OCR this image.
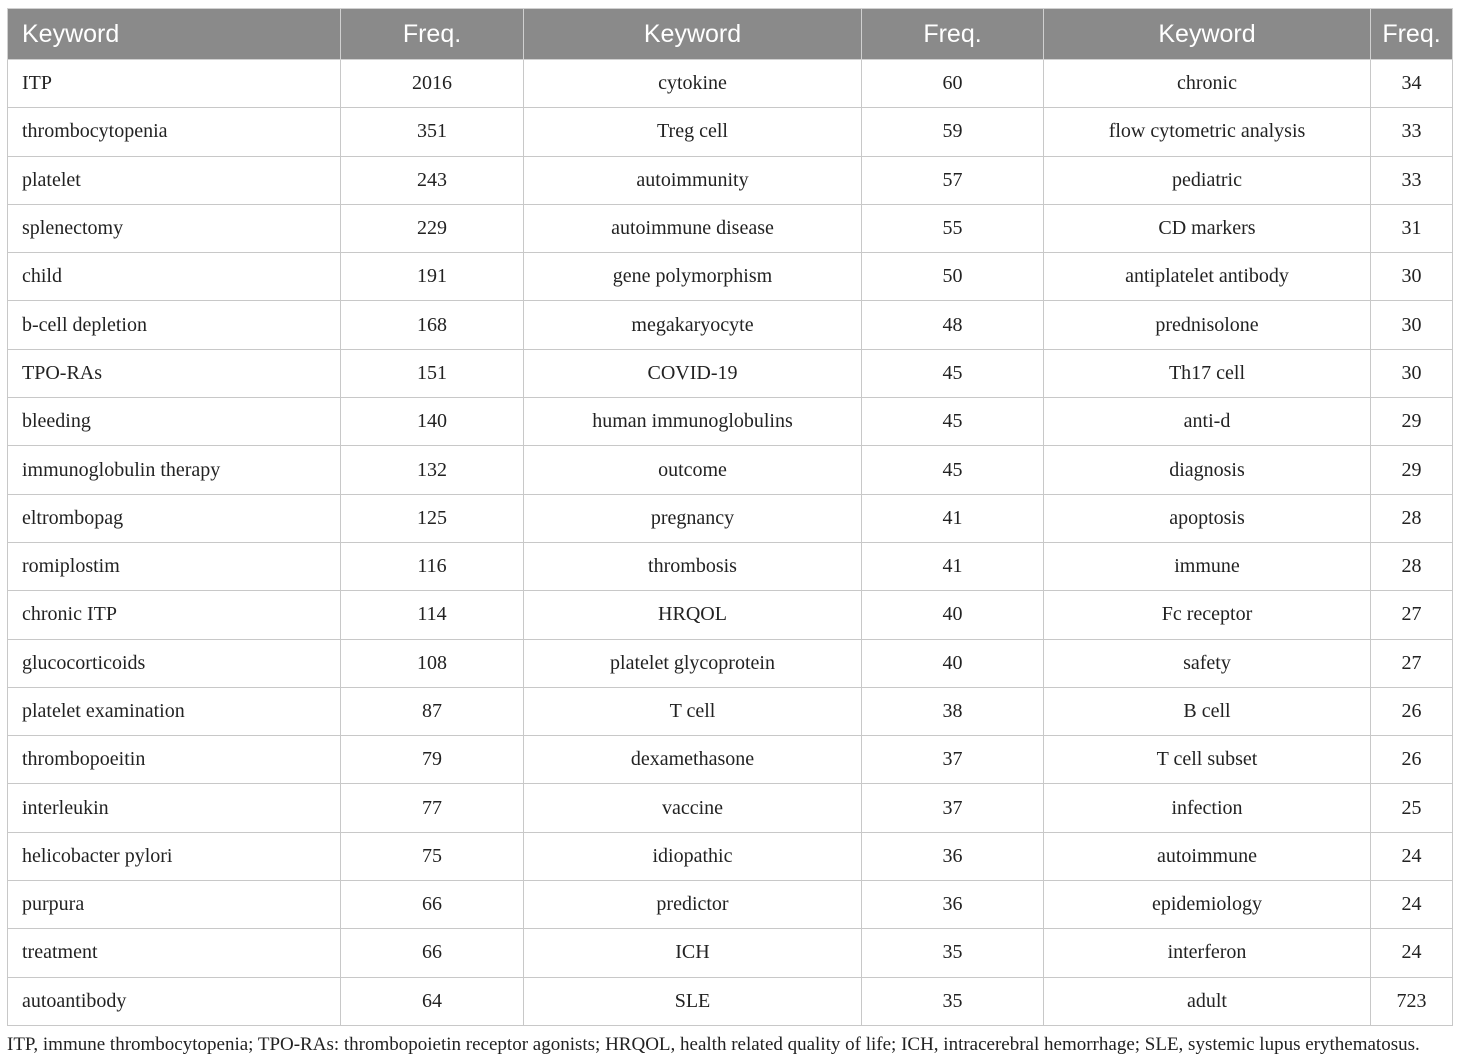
Keyword	Freq.	Keyword	Freq.	Keyword	Freq.
ITP	2016	cytokine	60	chronic	34
thrombocytopenia	351	Treg cell	59	flow cytometric analysis	33
platelet	243	autoimmunity	57	pediatric	33
splenectomy	229	autoimmune disease	55	CD markers	31
child	191	gene polymorphism	50	antiplatelet antibody	30
b-cell depletion	168	megakaryocyte	48	prednisolone	30
TPO-RAs	151	COVID-19	45	Th17 cell	30
bleeding	140	human immunoglobulins	45	anti-d	29
immunoglobulin therapy	132	outcome	45	diagnosis	29
eltrombopag	125	pregnancy	41	apoptosis	28
romiplostim	116	thrombosis	41	immune	28
chronic ITP	114	HRQOL	40	Fc receptor	27
glucocorticoids	108	platelet glycoprotein	40	safety	27
platelet examination	87	T cell	38	B cell	26
thrombopoeitin	79	dexamethasone	37	T cell subset	26
interleukin	77	vaccine	37	infection	25
helicobacter pylori	75	idiopathic	36	autoimmune	24
purpura	66	predictor	36	epidemiology	24
treatment	66	ICH	35	interferon	24
autoantibody	64	SLE	35	adult	723
ITP, immune thrombocytopenia; TPO-RAs: thrombopoietin receptor agonists; HRQOL, health related quality of life; ICH, intracerebral hemorrhage; SLE, systemic lupus erythematosus.
